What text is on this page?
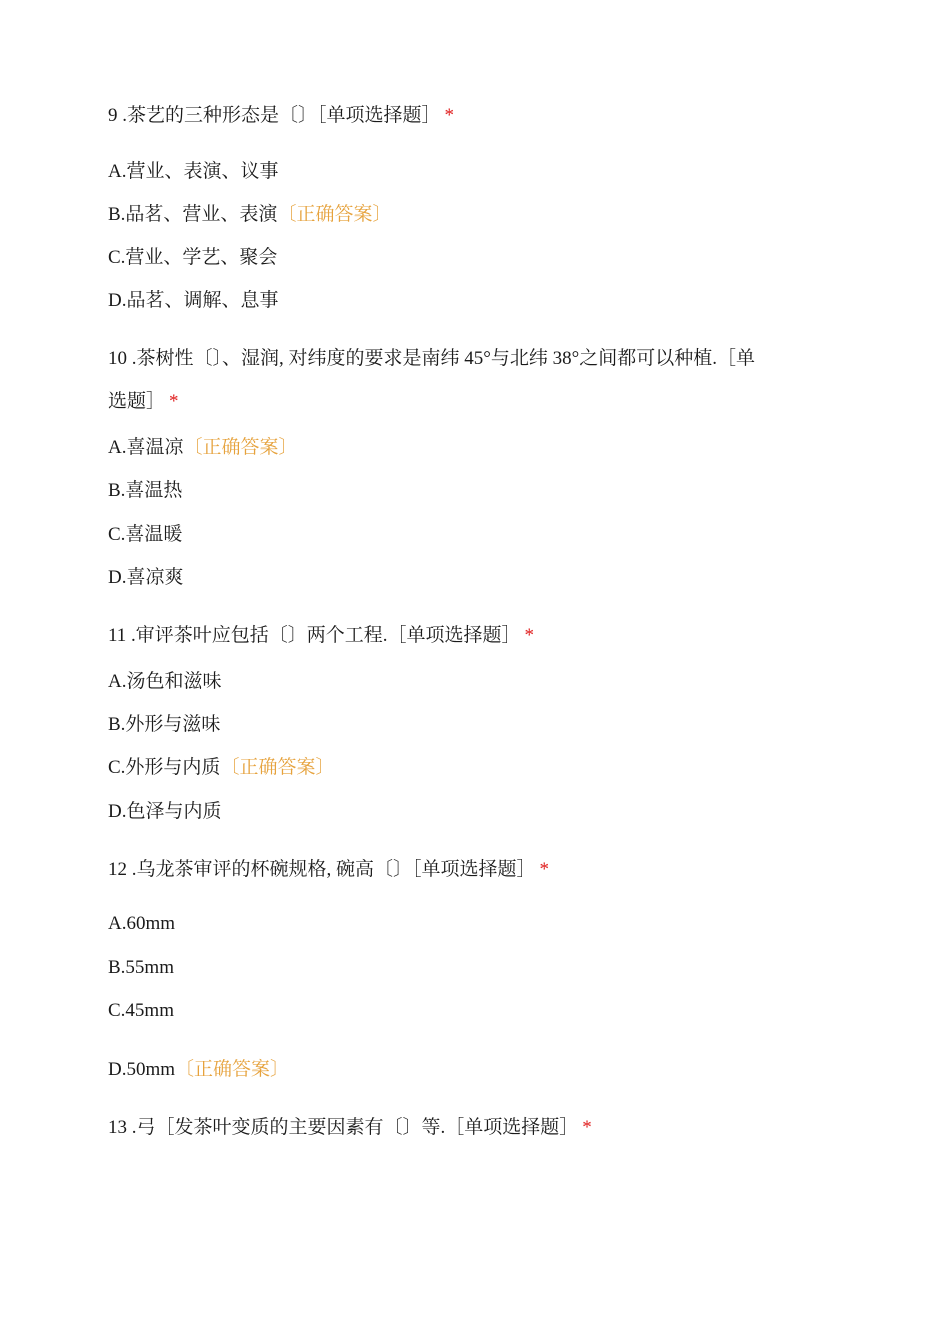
9 .茶艺的三种形态是〔〕［单项选择题］ *
A.营业、表演、议事
B.品茗、营业、表演〔正确答案〕
C.营业、学艺、聚会
D.品茗、调解、息事
10 .茶树性〔〕、湿润, 对纬度的要求是南纬 45°与北纬 38°之间都可以种植.［单
选题］ *
A.喜温凉〔正确答案〕
B.喜温热
C.喜温暖
D.喜凉爽
11 .审评茶叶应包括〔〕两个工程.［单项选择题］ *
A.汤色和滋味
B.外形与滋味
C.外形与内质〔正确答案〕
D.色泽与内质
12 .乌龙茶审评的杯碗规格, 碗高〔〕［单项选择题］ *
A.60mm
B.55mm
C.45mm
D.50mm〔正确答案〕
13 .弓［发茶叶变质的主要因素有〔〕等.［单项选择题］ *
